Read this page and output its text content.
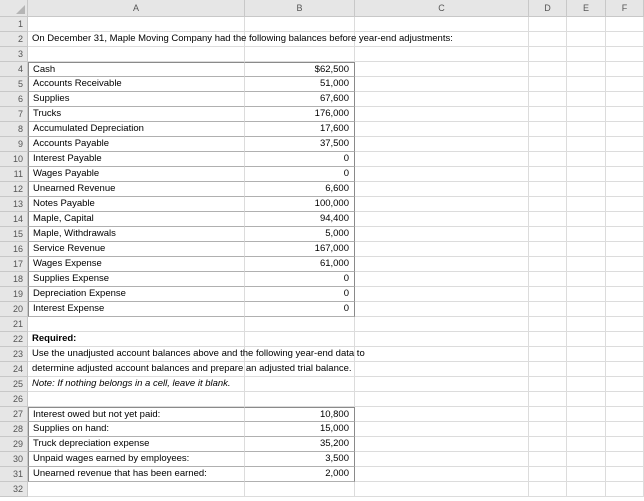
A	B	C	D	E	F
1
2 On December 31, Maple Moving Company had the following balances before year-end adjustments:
3
4	Cash	$62,500
5	Accounts Receivable	51,000
6	Supplies	67,600
7	Trucks	176,000
8	Accumulated Depreciation	17,600
9	Accounts Payable	37,500
10	Interest Payable	0
11	Wages Payable	0
12	Unearned Revenue	6,600
13	Notes Payable	100,000
14	Maple, Capital	94,400
15	Maple, Withdrawals	5,000
16	Service Revenue	167,000
17	Wages Expense	61,000
18	Supplies Expense	0
19	Depreciation Expense	0
20	Interest Expense	0
21
22 Required:
23 Use the unadjusted account balances above and the following year-end data to
24 determine adjusted account balances and prepare an adjusted trial balance.
25 Note: If nothing belongs in a cell, leave it blank.
26
27	Interest owed but not yet paid:	10,800
28	Supplies on hand:	15,000
29	Truck depreciation expense	35,200
30	Unpaid wages earned by employees:	3,500
31	Unearned revenue that has been earned:	2,000
32
